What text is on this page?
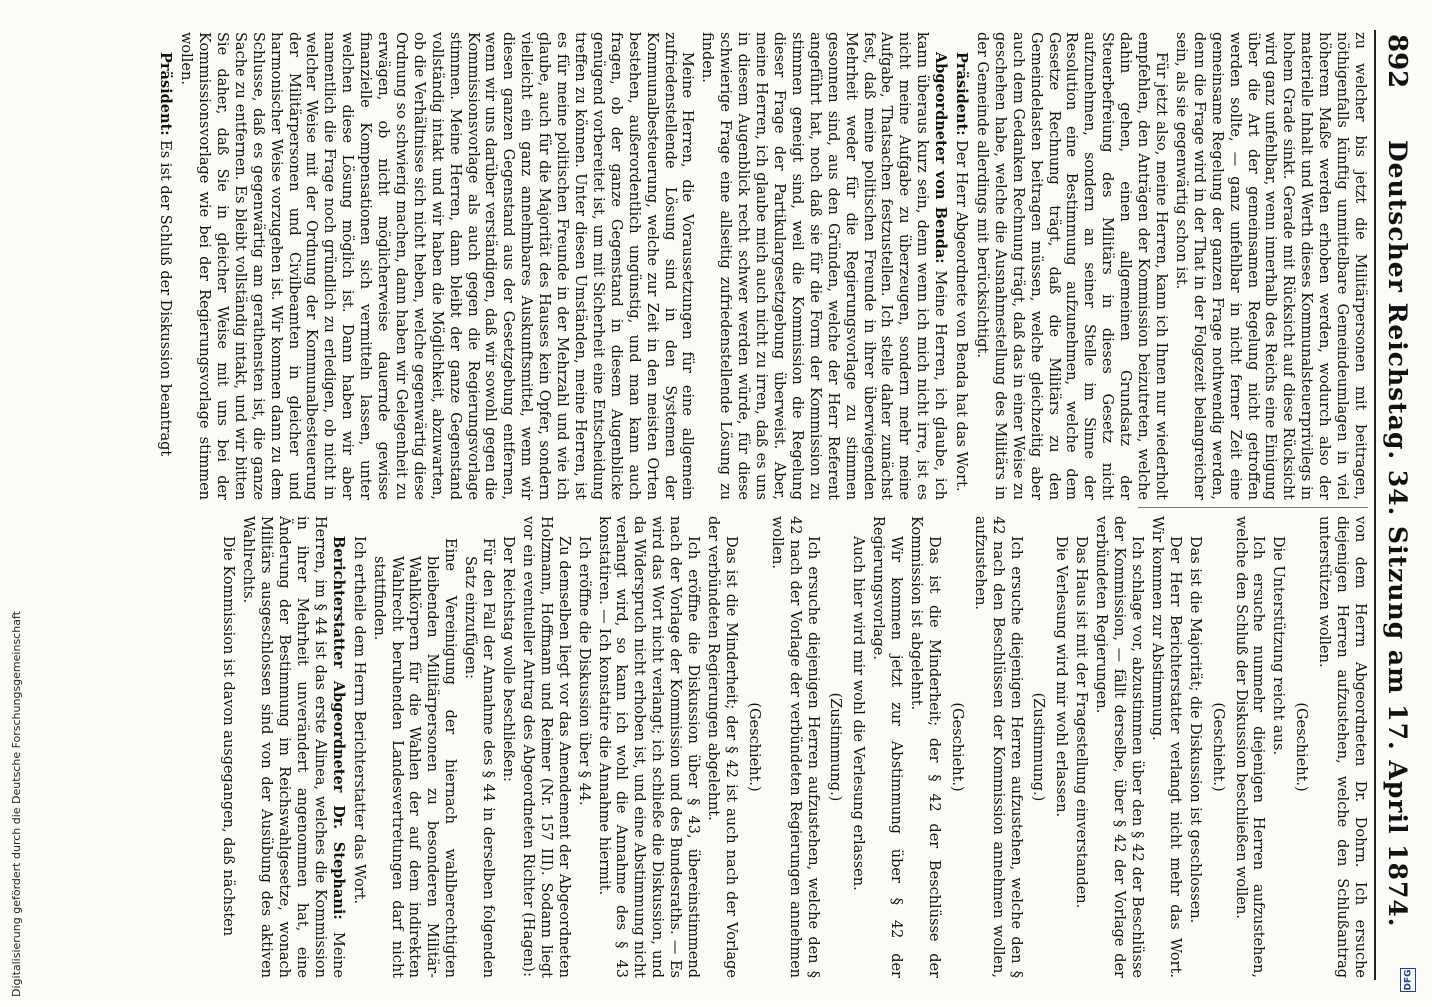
892
Deutscher Reichstag. 34. Sitzung am 17. April 1874.

zu welcher bis jetzt die Militärpersonen mit beitragen, nöthigenfalls künftig unmittelbare Gemeindeumlagen in viel höherem Maße werden erhoben werden, wodurch also der materielle Inhalt und Werth dieses Kommunalsteuerprivilegs in hohem Grade sinkt. Gerade mit Rücksicht auf diese Rücksicht wird ganz unfehlbar, wenn innerhalb des Reichs eine Einigung über die Art der gemeinsamen Regelung nicht getroffen werden sollte, — ganz unfehlbar in nicht ferner Zeit eine gemeinsame Regelung der ganzen Frage nothwendig werden, denn die Frage wird in der That in der Folgezeit belangreicher sein, als sie gegenwärtig schon ist.

Für jetzt also, meine Herren, kann ich Ihnen nur wiederholt empfehlen, den Anträgen der Kommission beizutreten, welche dahin gehen, einen allgemeinen Grundsatz der Steuerbefreiung des Militärs in dieses Gesetz nicht aufzunehmen, sondern an seiner Stelle im Sinne der Resolution eine Bestimmung aufzunehmen, welche dem Gesetze Rechnung trägt, daß die Militärs zu den Gemeindelasten beitragen müssen, welche gleichzeitig aber auch dem Gedanken Rechnung trägt, daß das in einer Weise zu geschehen habe, welche die Ausnahmestellung des Militärs in der Gemeinde allerdings mit berücksichtigt.

Präsident: Der Herr Abgeordnete von Benda hat das Wort.

Abgeordneter von Benda: Meine Herren, ich glaube, ich kann überaus kurz sein, denn wenn ich mich nicht irre, ist es nicht meine Aufgabe zu überzeugen, sondern mehr meine Aufgabe, Thatsachen festzustellen. Ich stelle daher zunächst fest, daß meine politischen Freunde in ihrer überwiegenden Mehrheit weder für die Regierungsvorlage zu stimmen gesonnen sind, aus den Gründen, welche der Herr Referent angeführt hat, noch daß sie für die Form der Kommission zu stimmen geneigt sind, weil die Kommission die Regelung dieser Frage der Partikulargesetzgebung überweist. Aber, meine Herren, ich glaube mich auch nicht zu irren, daß es uns in diesem Augenblick recht schwer werden würde, für diese schwierige Frage eine allseitig zufriedenstellende Lösung zu finden.

Meine Herren, die Voraussetzungen für eine allgemein zufriedenstellende Lösung sind in den Systemen der Kommunalbesteuerung, welche zur Zeit in den meisten Orten bestehen, außerordentlich ungünstig, und man kann auch fragen, ob der ganze Gegenstand in diesem Augenblicke genügend vorbereitet ist, um mit Sicherheit eine Entscheidung treffen zu können. Unter diesen Umständen, meine Herren, ist es für meine politischen Freunde in der Mehrzahl und wie ich glaube, auch für die Majorität des Hauses kein Opfer, sondern vielleicht ein ganz annehmbares Auskunftsmittel, wenn wir diesen ganzen Gegenstand aus der Gesetzgebung entfernen, wenn wir uns darüber verständigen, daß wir sowohl gegen die Kommissionsvorlage als auch gegen die Regierungsvorlage stimmen. Meine Herren, dann bleibt der ganze Gegenstand vollständig intakt und wir haben die Möglichkeit, abzuwarten, ob die Verhältnisse sich nicht heben, welche gegenwärtig diese Ordnung so schwierig machen, dann haben wir Gelegenheit zu erwägen, ob nicht möglicherweise dauernde gewisse finanzielle Kompensationen sich vermitteln lassen, unter welchen diese Lösung möglich ist. Dann haben wir aber namentlich die Frage noch gründlich zu erledigen, ob nicht in welcher Weise mit der Ordnung der Kommunalbesteuerung der Militärpersonen und Civilbeamten in gleicher und harmonischer Weise vorzugehen ist. Wir kommen dann zu dem Schlusse, daß es gegenwärtig am gerathensten ist, die ganze Sache zu entfernen. Es bleibt vollständig intakt, und wir bitten Sie daher, daß Sie in gleicher Weise mit uns bei der Kommissionsvorlage wie bei der Regierungsvorlage stimmen wollen.

Präsident: Es ist der Schluß der Diskussion beantragt

von dem Herrn Abgeordneten Dr. Dohrn. Ich ersuche diejenigen Herren aufzustehen, welche den Schlußantrag unterstützen wollen.

(Geschieht.)

Die Unterstützung reicht aus.

Ich ersuche nunmehr diejenigen Herren aufzustehen, welche den Schluß der Diskussion beschließen wollen.

(Geschieht.)

Das ist die Majorität; die Diskussion ist geschlossen.

Der Herr Berichterstatter verlangt nicht mehr das Wort. Wir kommen zur Abstimmung.

Ich schlage vor, abzustimmen über den § 42 der Beschlüsse der Kommission, — fällt derselbe, über § 42 der Vorlage der verbündeten Regierungen.

Das Haus ist mit der Fragestellung einverstanden.

Die Verlesung wird mir wohl erlassen.

(Zustimmung.)

Ich ersuche diejenigen Herren aufzustehen, welche den § 42 nach den Beschlüssen der Kommission annehmen wollen, aufzustehen.

(Geschieht.)

Das ist die Minderheit; der § 42 der Beschlüsse der Kommission ist abgelehnt.

Wir kommen jetzt zur Abstimmung über § 42 der Regierungsvorlage.

Auch hier wird mir wohl die Verlesung erlassen.

(Zustimmung.)

Ich ersuche diejenigen Herren aufzustehen, welche den § 42 nach der Vorlage der verbündeten Regierungen annehmen wollen.

(Geschieht.)

Das ist die Minderheit; der § 42 ist auch nach der Vorlage der verbündeten Regierungen abgelehnt.

Ich eröffne die Diskussion über § 43, übereinstimmend nach der Vorlage der Kommission und des Bundesraths. — Es wird das Wort nicht verlangt; ich schließe die Diskussion, und da Widerspruch nicht erhoben ist, und eine Abstimmung nicht verlangt wird, so kann ich wohl die Annahme des § 43 konstatiren. — Ich konstatire die Annahme hiermit.

Ich eröffne die Diskussion über § 44.

Zu demselben liegt vor das Amendement der Abgeordneten Holzmann, Hoffmann und Reimer (Nr. 157 III). Sodann liegt vor ein eventueller Antrag des Abgeordneten Richter (Hagen):

Der Reichstag wolle beschließen:

Für den Fall der Annahme des § 44 in derselben folgenden Satz einzufügen:

Eine Vereinigung der hiernach wahlberechtigten bleibenden Militärpersonen zu besonderen Militär-Wahlkörpern für die Wahlen der auf dem indirekten Wahlrecht beruhenden Landesvertretungen darf nicht stattfinden.

Ich ertheile dem Herrn Berichterstatter das Wort.

Berichterstatter Abgeordneter Dr. Stephani: Meine Herren, im § 44 ist das erste Alinea, welches die Kommission in ihrer Mehrheit unverändert angenommen hat, eine Änderung der Bestimmung im Reichswahlgesetze, wonach Militärs ausgeschlossen sind von der Ausübung des aktiven Wahlrechts.

Die Kommission ist davon ausgegangen, daß nächsten

Digitalisierung gefördert durch die Deutsche Forschungsgemeinschaft	DFG
